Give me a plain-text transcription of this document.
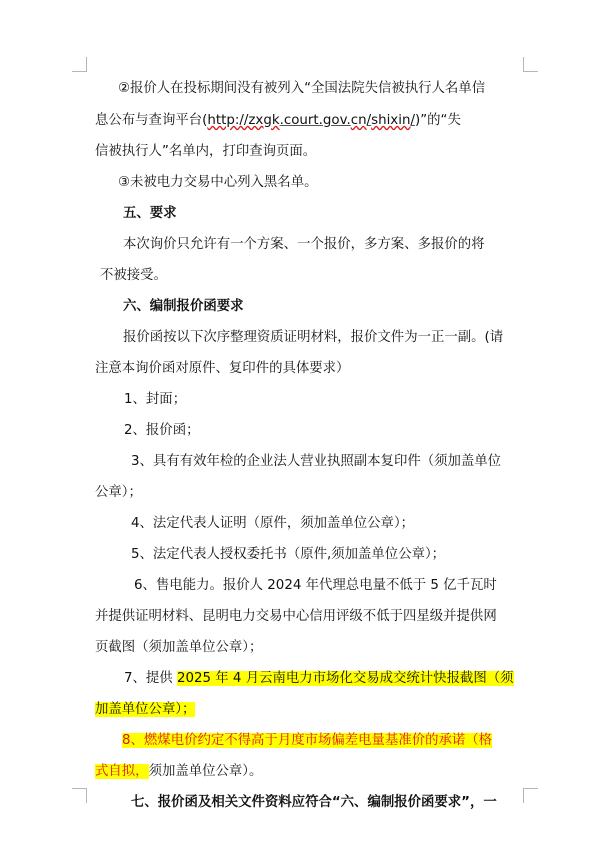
②报价人在投标期间没有被列入“全国法院失信被执行人名单信
息公布与查询平台(http://zxgk.court.gov.cn/shixin/)”的“失
信被执行人”名单内，打印查询页面。
③未被电力交易中心列入黑名单。
五、要求
本次询价只允许有一个方案、一个报价，多方案、多报价的将
不被接受。
六、编制报价函要求
报价函按以下次序整理资质证明材料，报价文件为一正一副。(请
注意本询价函对原件、复印件的具体要求）
1、封面；
2、报价函；
3、具有有效年检的企业法人营业执照副本复印件（须加盖单位
公章）；
4、法定代表人证明（原件，须加盖单位公章）；
5、法定代表人授权委托书（原件,须加盖单位公章）；
6、售电能力。报价人 2024 年代理总电量不低于 5 亿千瓦时
并提供证明材料、昆明电力交易中心信用评级不低于四星级并提供网
页截图（须加盖单位公章）；
7、提供 2025 年 4 月云南电力市场化交易成交统计快报截图（须
加盖单位公章）；
8、燃煤电价约定不得高于月度市场偏差电量基准价的承诺（格
式自拟，须加盖单位公章）。
七、报价函及相关文件资料应符合“六、编制报价函要求”，一
